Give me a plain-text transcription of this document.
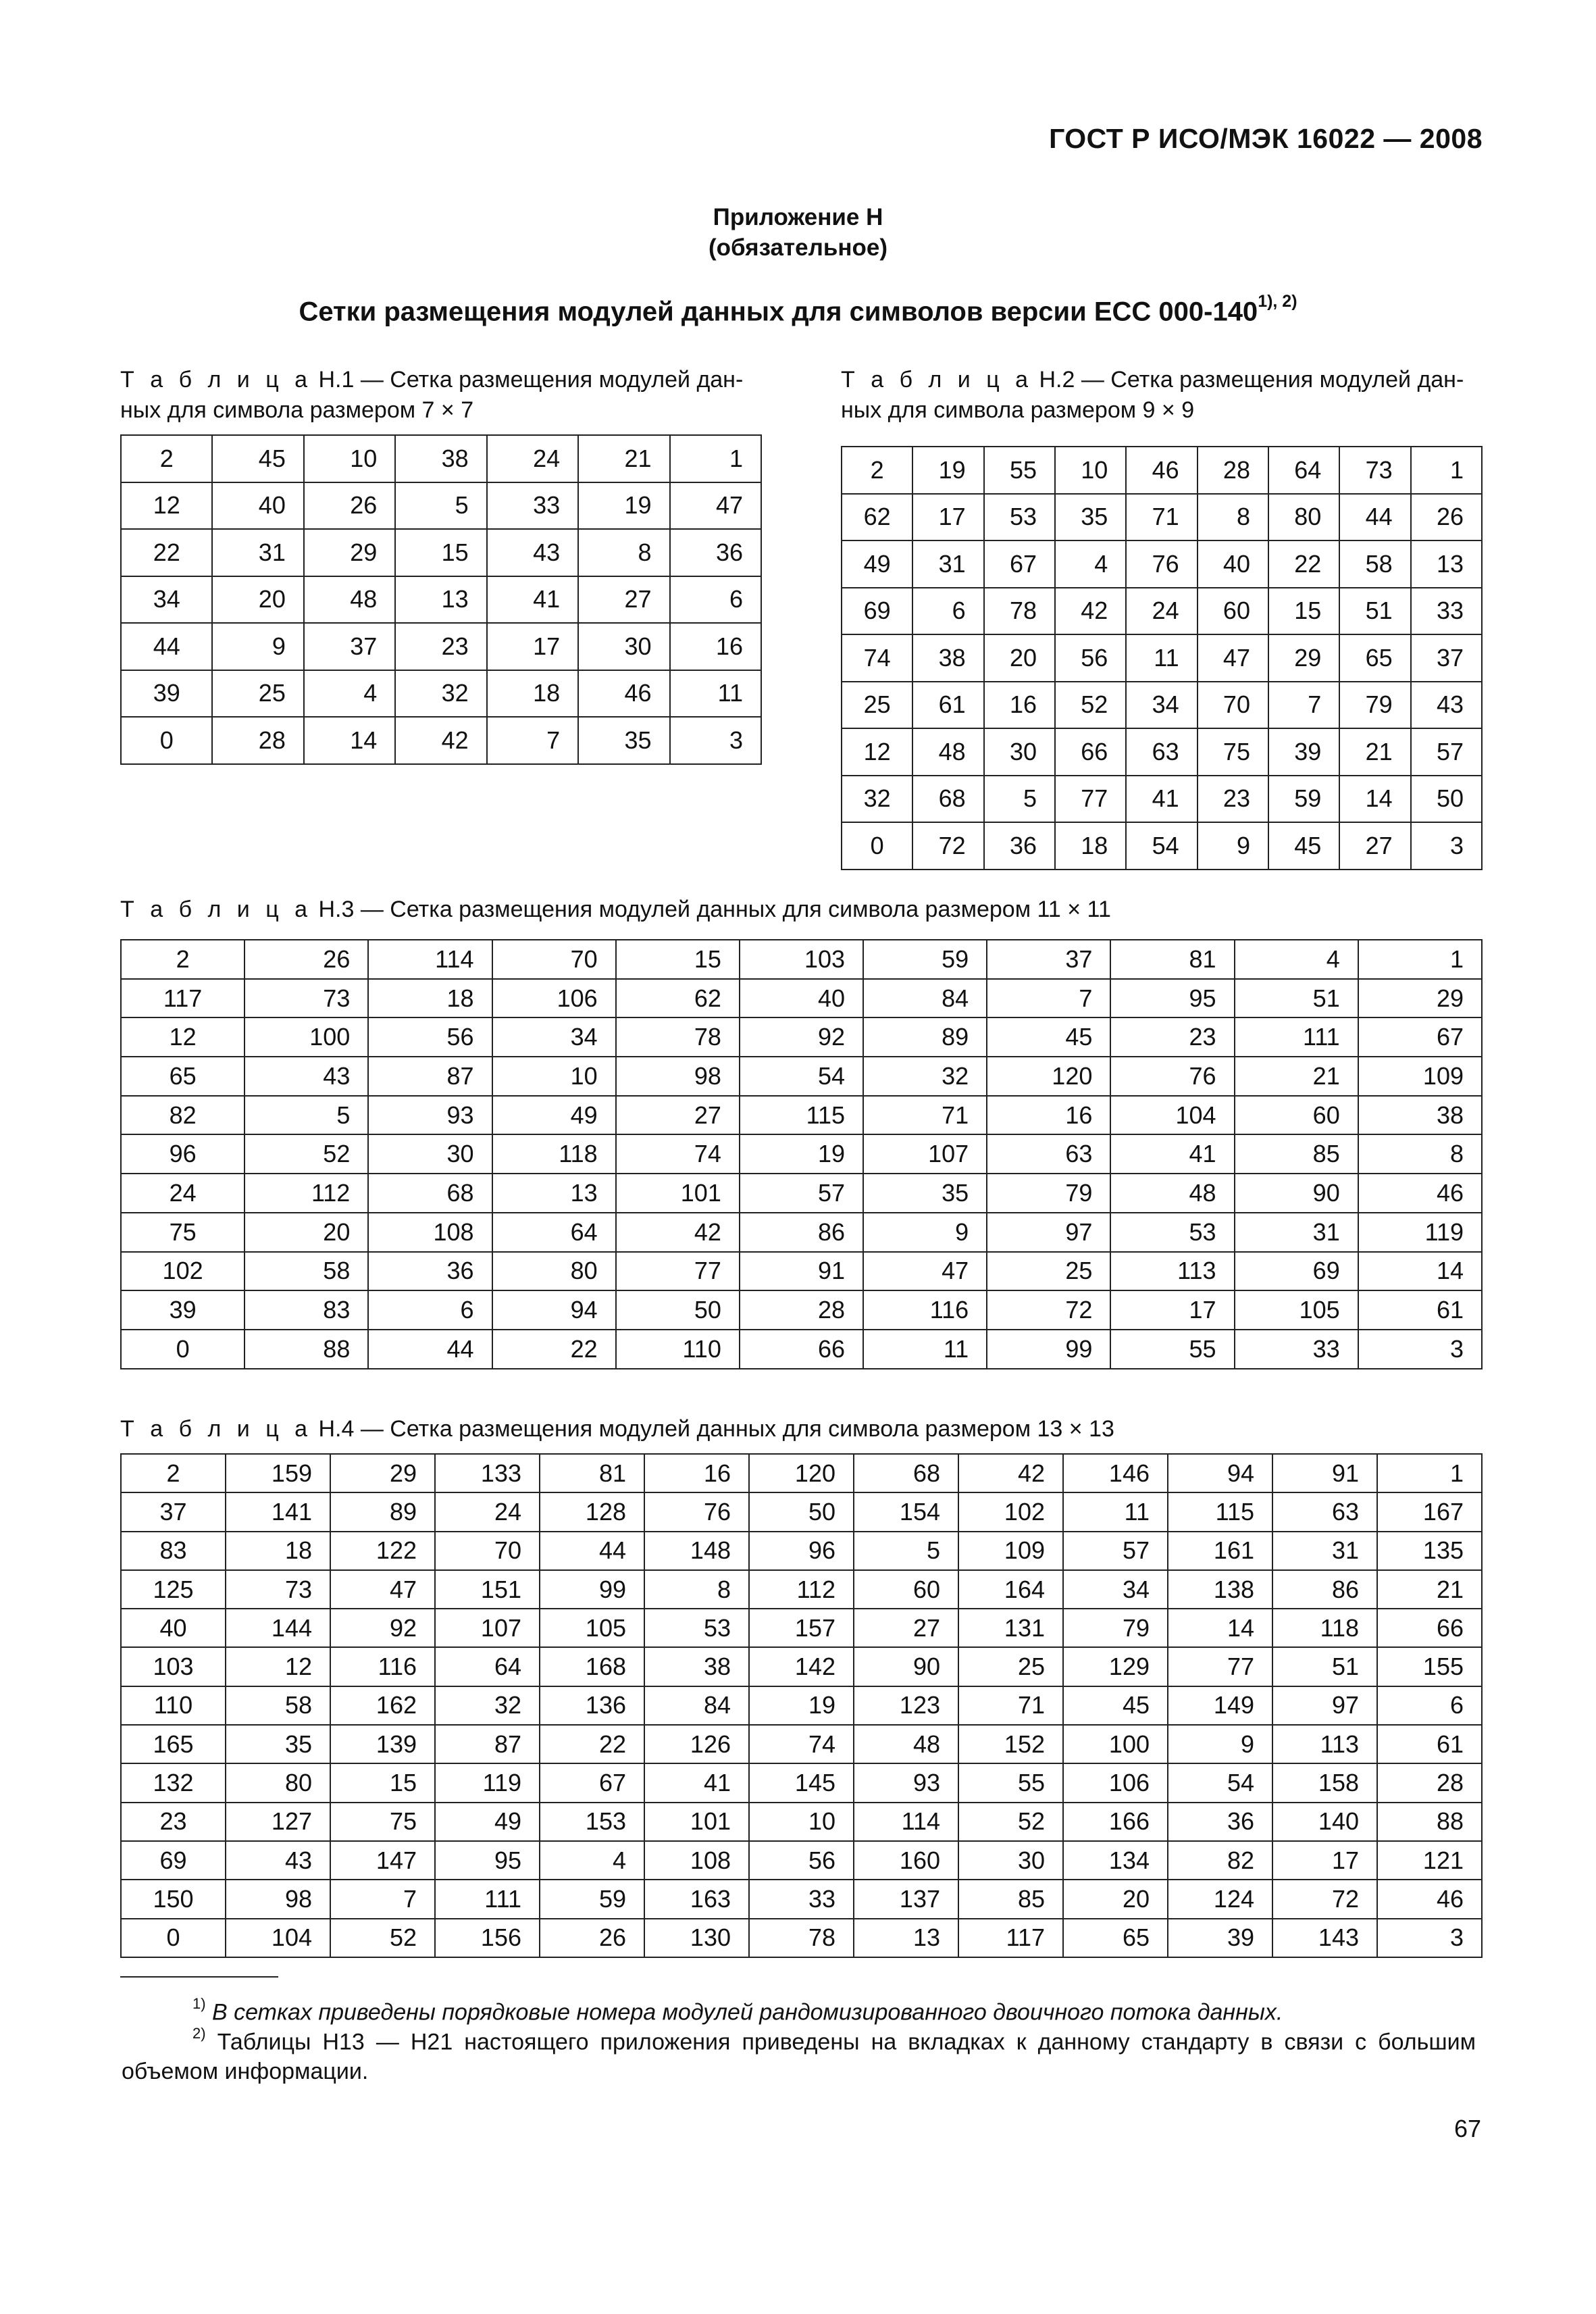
ГОСТ Р ИСО/МЭК 16022 — 2008
Приложение Н
(обязательное)
Сетки размещения модулей данных для символов версии ЕСС $000-140^{1), 2)}$
Т а б л и ц а Н.1 — Сетка размещения модулей дан-
ных для символа размером 7 × 7
2	45	10	38	24	21	1
12	40	26	5	33	19	47
22	31	29	15	43	8	36
34	20	48	13	41	27	6
44	9	37	23	17	30	16
39	25	4	32	18	46	11
0	28	14	42	7	35	3
Т а б л и ц а Н.2 — Сетка размещения модулей дан-
ных для символа размером 9 × 9
2	19	55	10	46	28	64	73	1
62	17	53	35	71	8	80	44	26
49	31	67	4	76	40	22	58	13
69	6	78	42	24	60	15	51	33
74	38	20	56	11	47	29	65	37
25	61	16	52	34	70	7	79	43
12	48	30	66	63	75	39	21	57
32	68	5	77	41	23	59	14	50
0	72	36	18	54	9	45	27	3
Т а б л и ц а Н.3 — Сетка размещения модулей данных для символа размером 11 × 11
2	26	114	70	15	103	59	37	81	4	1
117	73	18	106	62	40	84	7	95	51	29
12	100	56	34	78	92	89	45	23	111	67
65	43	87	10	98	54	32	120	76	21	109
82	5	93	49	27	115	71	16	104	60	38
96	52	30	118	74	19	107	63	41	85	8
24	112	68	13	101	57	35	79	48	90	46
75	20	108	64	42	86	9	97	53	31	119
102	58	36	80	77	91	47	25	113	69	14
39	83	6	94	50	28	116	72	17	105	61
0	88	44	22	110	66	11	99	55	33	3
Т а б л и ц а Н.4 — Сетка размещения модулей данных для символа размером 13 × 13
2	159	29	133	81	16	120	68	42	146	94	91	1
37	141	89	24	128	76	50	154	102	11	115	63	167
83	18	122	70	44	148	96	5	109	57	161	31	135
125	73	47	151	99	8	112	60	164	34	138	86	21
40	144	92	107	105	53	157	27	131	79	14	118	66
103	12	116	64	168	38	142	90	25	129	77	51	155
110	58	162	32	136	84	19	123	71	45	149	97	6
165	35	139	87	22	126	74	48	152	100	9	113	61
132	80	15	119	67	41	145	93	55	106	54	158	28
23	127	75	49	153	101	10	114	52	166	36	140	88
69	43	147	95	4	108	56	160	30	134	82	17	121
150	98	7	111	59	163	33	137	85	20	124	72	46
0	104	52	156	26	130	78	13	117	65	39	143	3
$^{1)}$ В сетках приведены порядковые номера модулей рандомизированного двоичного потока данных.
$^{2)}$ Таблицы Н13 — Н21 настоящего приложения приведены на вкладках к данному стандарту в связи с большим объемом информации.
67
